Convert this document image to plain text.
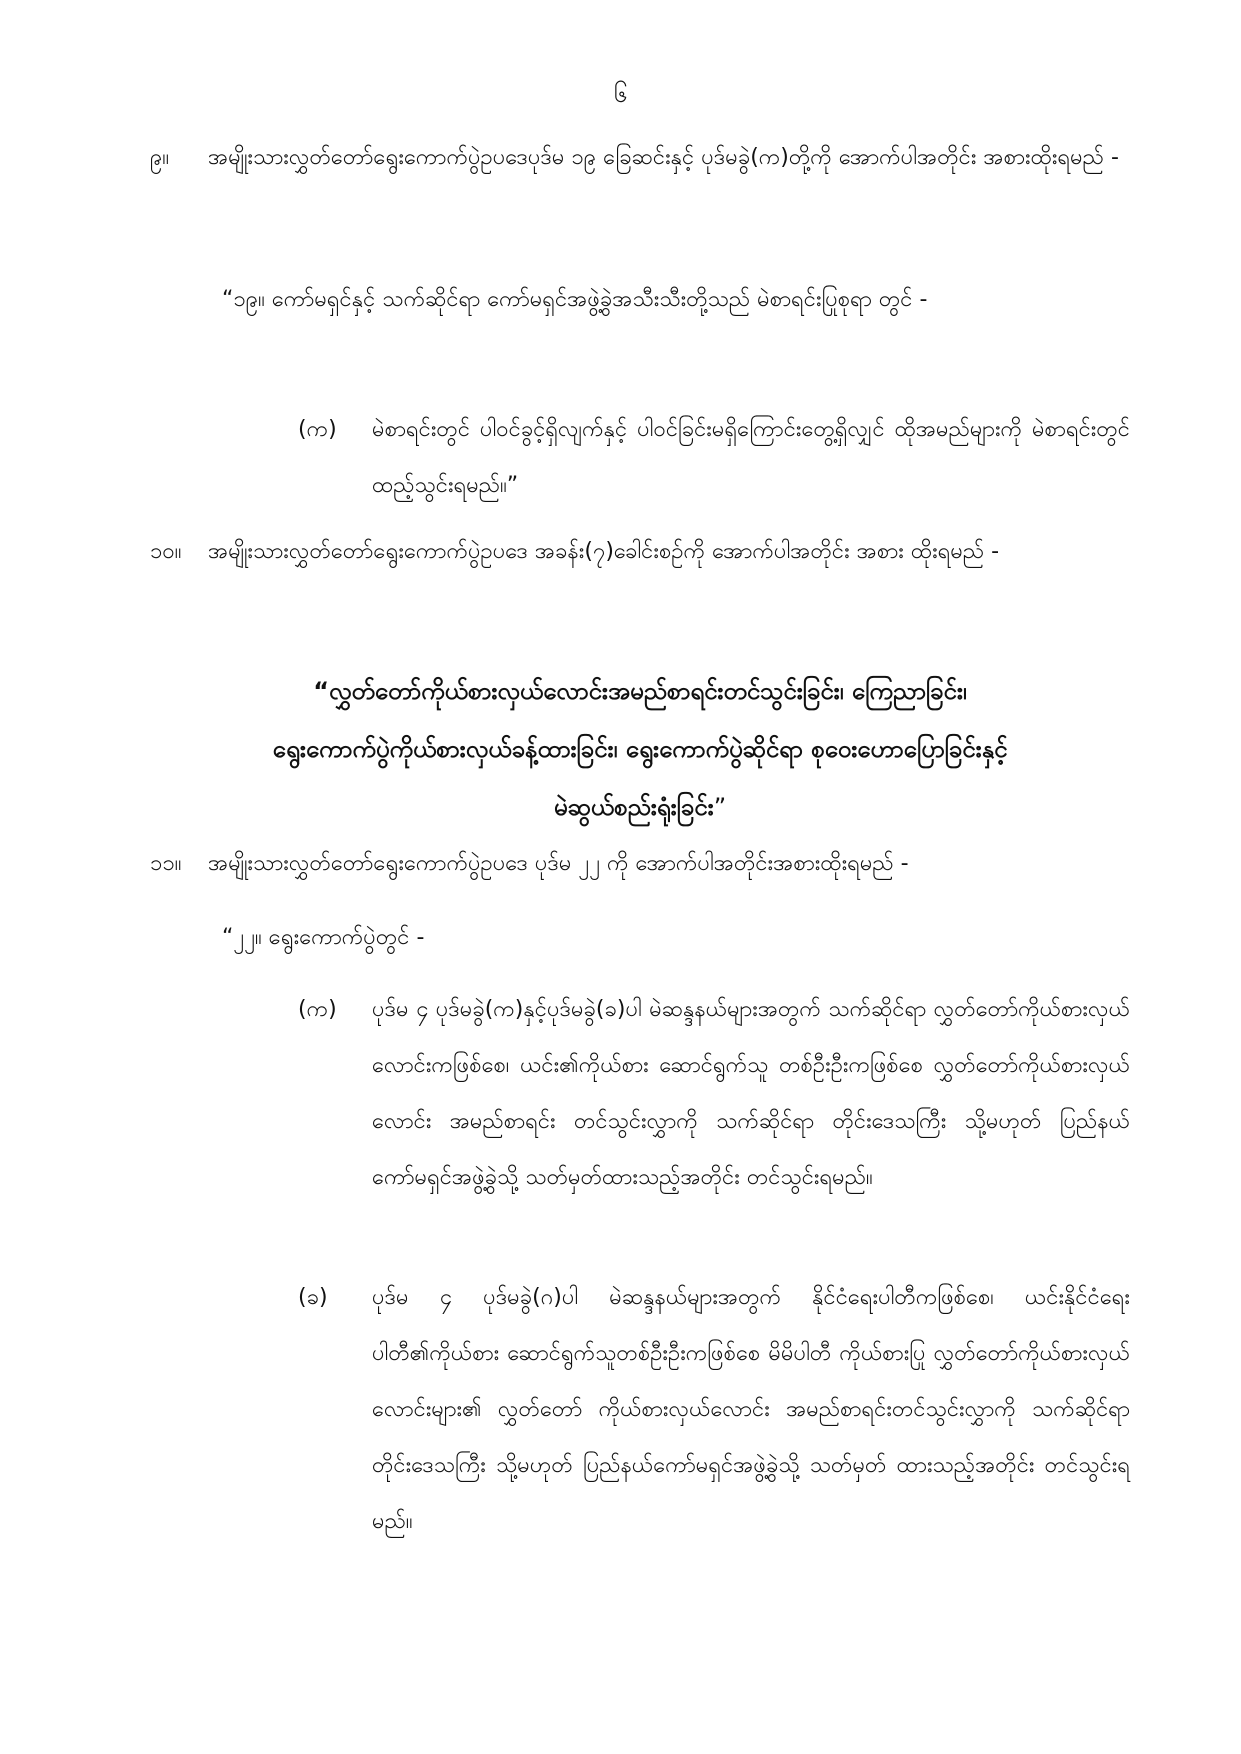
၆
၉။ အမျိုးသားလွှတ်တော်ရွေးကောက်ပွဲဥပဒေပုဒ်မ ၁၉ ခြေဆင်းနှင့် ပုဒ်မခွဲ(က)တို့ကို အောက်ပါအတိုင်း အစားထိုးရမည် -
“၁၉။ ကော်မရှင်နှင့် သက်ဆိုင်ရာ ကော်မရှင်အဖွဲ့ခွဲအသီးသီးတို့သည် မဲစာရင်းပြုစုရာ တွင် -
(က)	မဲစာရင်းတွင် ပါဝင်ခွင့်ရှိလျက်နှင့် ပါဝင်ခြင်းမရှိကြောင်းတွေ့ရှိလျှင် ထိုအမည်များကို မဲစာရင်းတွင် ထည့်သွင်းရမည်။”
၁၀။ အမျိုးသားလွှတ်တော်ရွေးကောက်ပွဲဥပဒေ အခန်း(၇)ခေါင်းစဉ်ကို အောက်ပါအတိုင်း အစား ထိုးရမည် -
“လွှတ်တော်ကိုယ်စားလှယ်လောင်းအမည်စာရင်းတင်သွင်းခြင်း၊ ကြေညာခြင်း၊
ရွေးကောက်ပွဲကိုယ်စားလှယ်ခန့်ထားခြင်း၊ ရွေးကောက်ပွဲဆိုင်ရာ စုဝေးဟောပြောခြင်းနှင့်
မဲဆွယ်စည်းရုံးခြင်း”
၁၁။ အမျိုးသားလွှတ်တော်ရွေးကောက်ပွဲဥပဒေ ပုဒ်မ ၂၂ ကို အောက်ပါအတိုင်းအစားထိုးရမည် -
“၂၂။ ရွေးကောက်ပွဲတွင် -
(က)	ပုဒ်မ ၄ ပုဒ်မခွဲ(က)နှင့်ပုဒ်မခွဲ(ခ)ပါ မဲဆန္ဒနယ်များအတွက် သက်ဆိုင်ရာ လွှတ်တော်ကိုယ်စားလှယ်လောင်းကဖြစ်စေ၊ ယင်း၏ကိုယ်စား ဆောင်ရွက်သူ တစ်ဦးဦးကဖြစ်စေ လွှတ်တော်ကိုယ်စားလှယ်လောင်း အမည်စာရင်း တင်သွင်းလွှာကို သက်ဆိုင်ရာ တိုင်းဒေသကြီး သို့မဟုတ် ပြည်နယ် ကော်မရှင်အဖွဲ့ခွဲသို့ သတ်မှတ်ထားသည့်အတိုင်း တင်သွင်းရမည်။
(ခ)	ပုဒ်မ ၄ ပုဒ်မခွဲ(ဂ)ပါ မဲဆန္ဒနယ်များအတွက် နိုင်ငံရေးပါတီကဖြစ်စေ၊ ယင်းနိုင်ငံရေးပါတီ၏ကိုယ်စား ဆောင်ရွက်သူတစ်ဦးဦးကဖြစ်စေ မိမိပါတီ ကိုယ်စားပြု လွှတ်တော်ကိုယ်စားလှယ်လောင်းများ၏ လွှတ်တော် ကိုယ်စားလှယ်လောင်း အမည်စာရင်းတင်သွင်းလွှာကို သက်ဆိုင်ရာ တိုင်းဒေသကြီး သို့မဟုတ် ပြည်နယ်ကော်မရှင်အဖွဲ့ခွဲသို့ သတ်မှတ် ထားသည့်အတိုင်း တင်သွင်းရမည်။
